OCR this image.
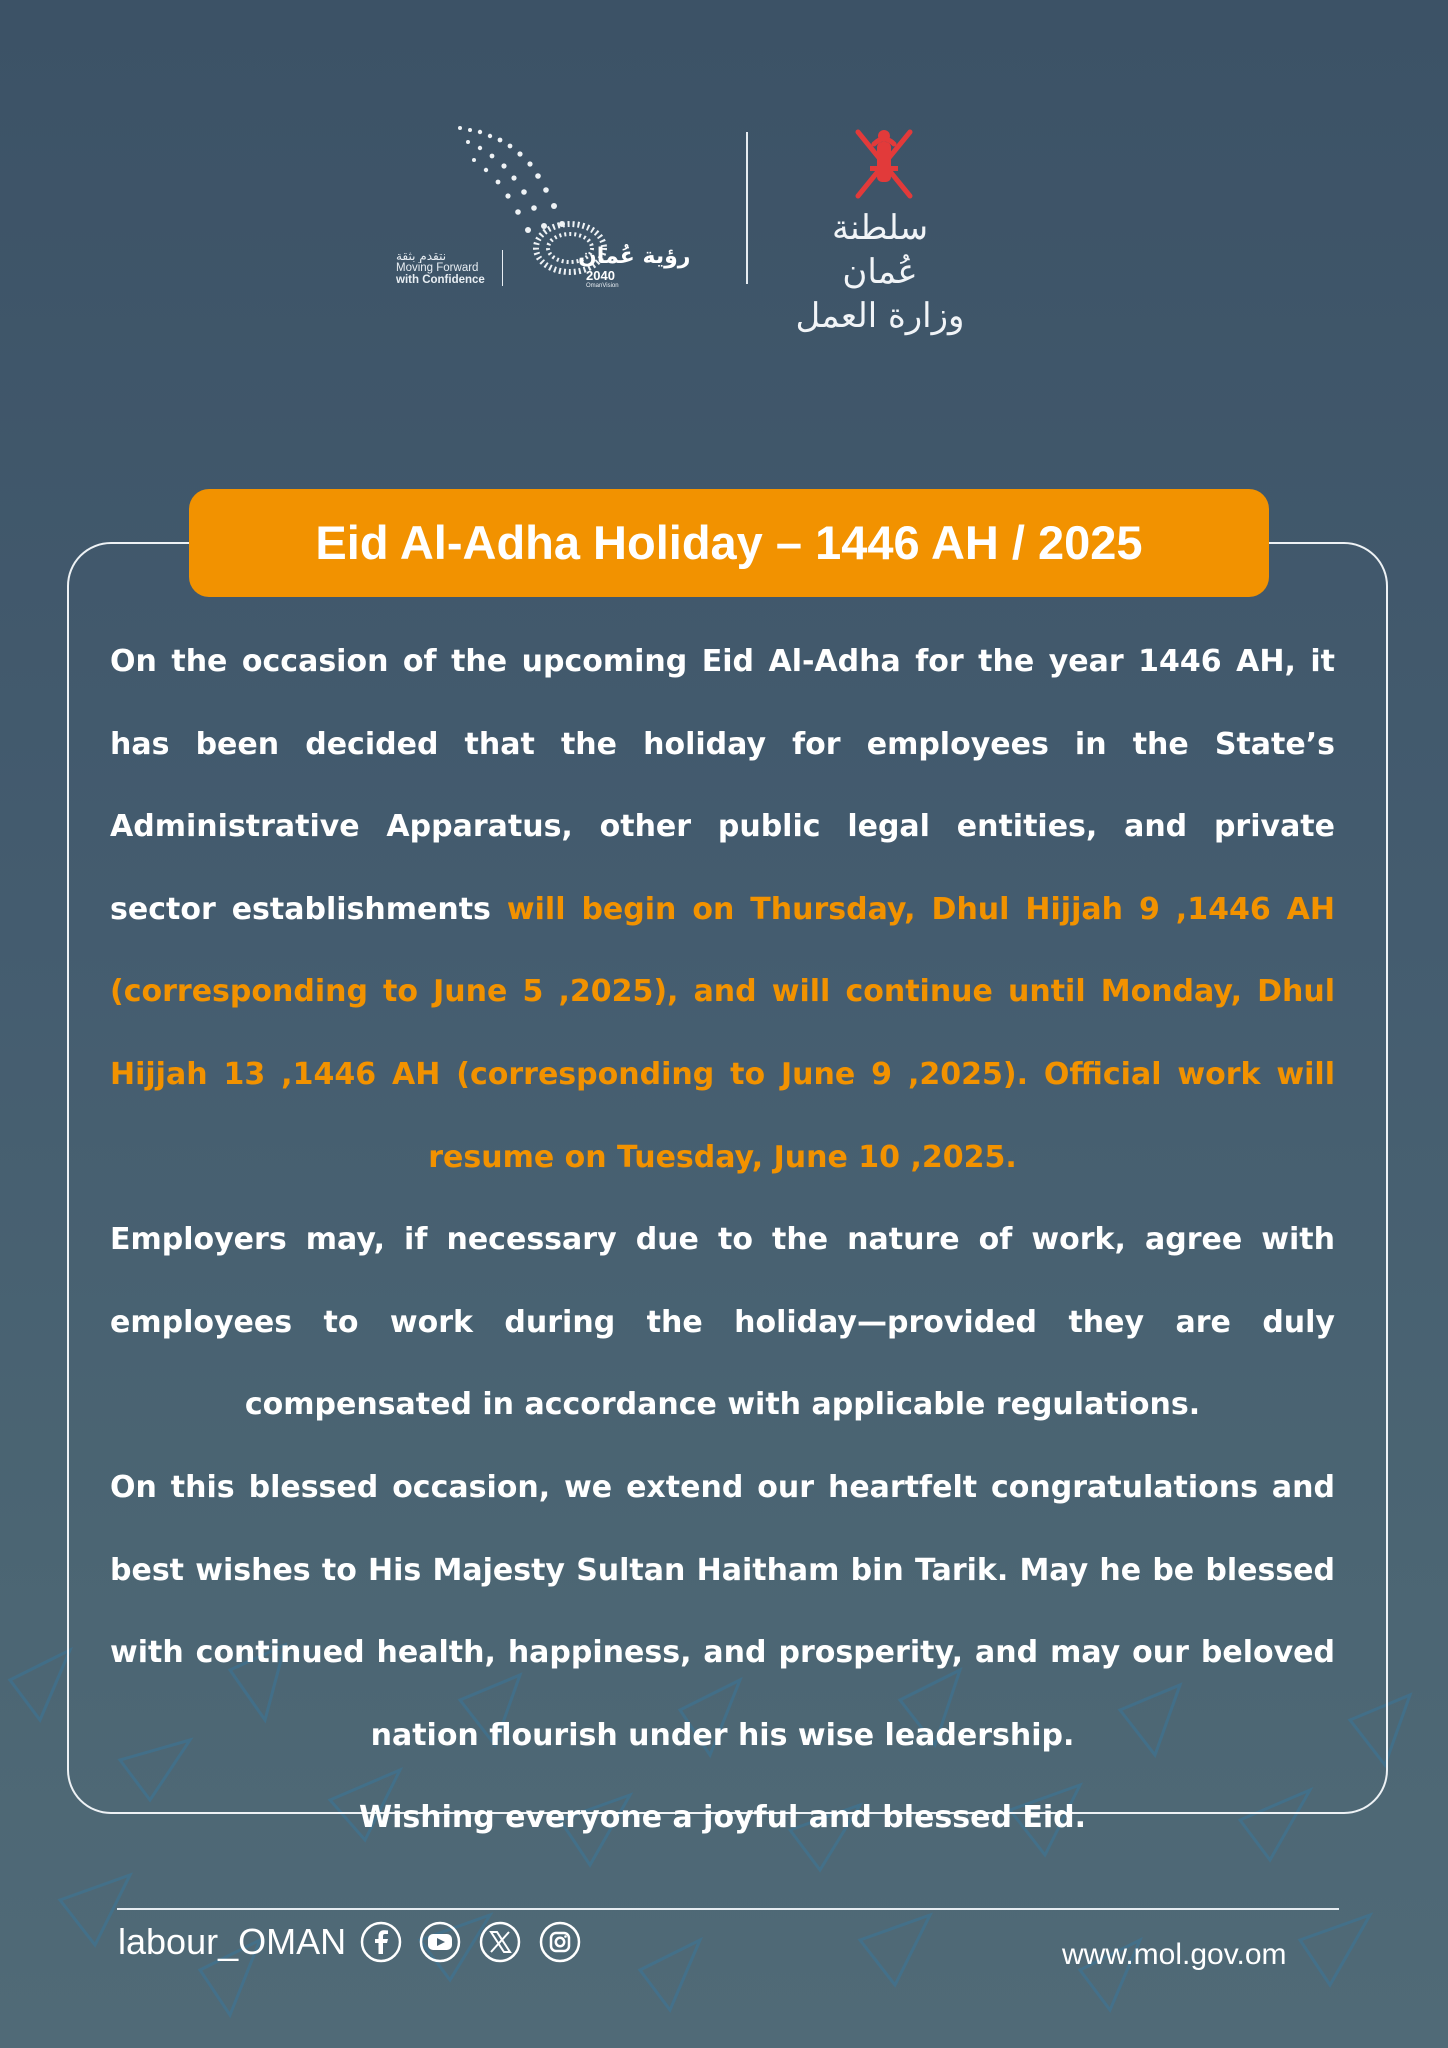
نتقدم بثقة
Moving Forward
with Confidence
رؤية عُمان
2040
OmanVision
سلطنة عُمان
وزارة العمل
Eid Al-Adha Holiday – 1446 AH / 2025

On the occasion of the upcoming Eid Al-Adha for the year 1446 AH, it has been decided that the holiday for employees in the State’s Administrative Apparatus, other public legal entities, and private sector establishments will begin on Thursday, Dhul Hijjah 9 ,1446 AH (corresponding to June 5 ,2025), and will continue until Monday, Dhul Hijjah 13 ,1446 AH (corresponding to June 9 ,2025). Official work will resume on Tuesday, June 10 ,2025.

Employers may, if necessary due to the nature of work, agree with employees to work during the holiday—provided they are duly compensated in accordance with applicable regulations.

On this blessed occasion, we extend our heartfelt congratulations and best wishes to His Majesty Sultan Haitham bin Tarik. May he be blessed with continued health, happiness, and prosperity, and may our beloved nation flourish under his wise leadership.

Wishing everyone a joyful and blessed Eid.

labour_OMAN	www.mol.gov.om
